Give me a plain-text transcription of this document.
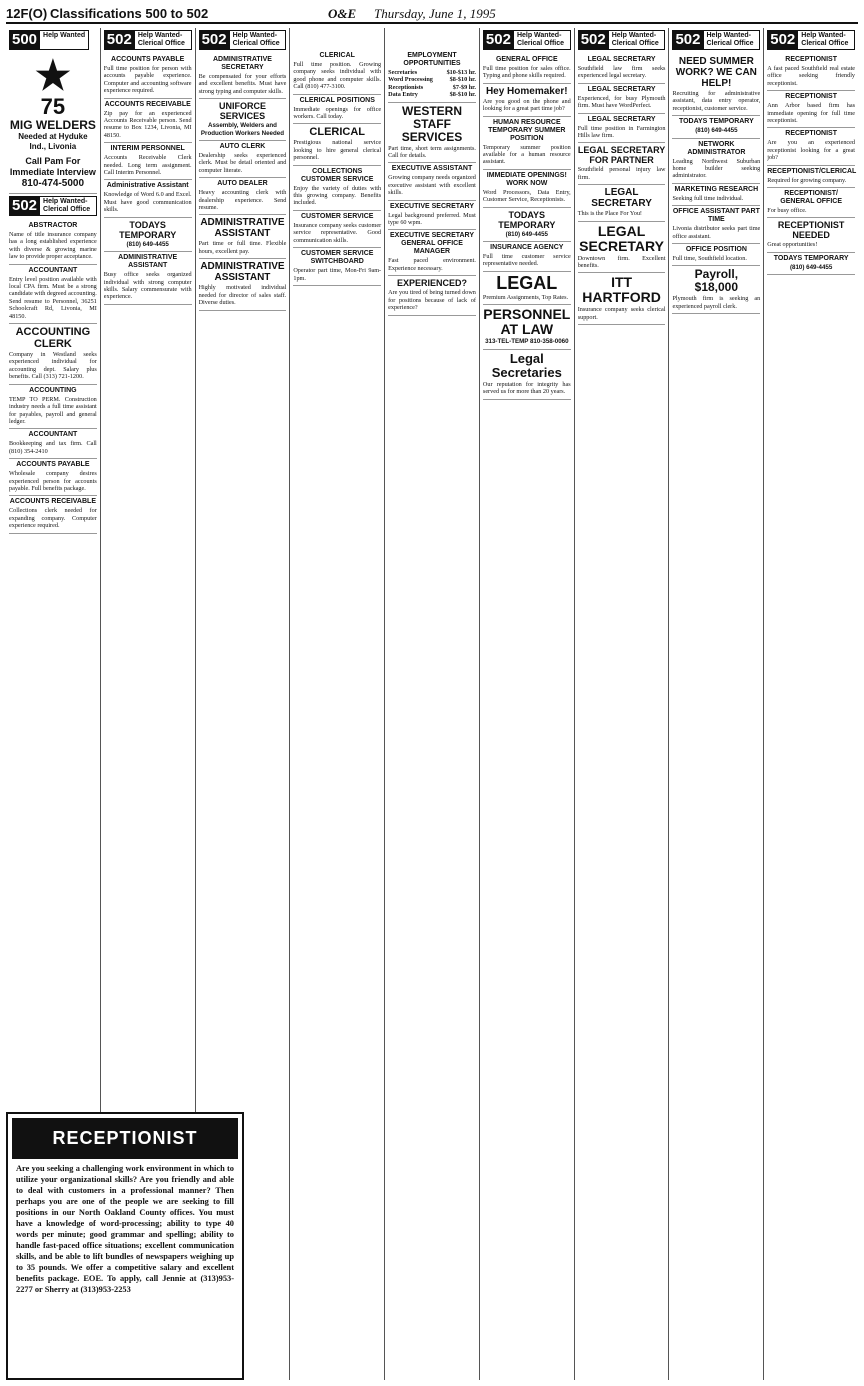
12F(O) Classifications 500 to 502	O&E Thursday, June 1, 1995
500 Help Wanted
★
75
MIG WELDERS
Needed at Hyduke Ind., Livonia
Call Pam For Immediate Interview
810-474-5000
502 Help Wanted-Clerical Office
ABSTRACTOR

Name of title insurance company has a long established experience with diverse & growing marine law to provide proper acceptance.

ACCOUNTANT

Entry level position available with local CPA firm. Must be a strong candidate with degreed accounting. Send resume to Personnel, 36251 Schoolcraft Rd, Livonia, MI 48150.

ACCOUNTING CLERK

Company in Westland seeks experienced individual for accounting dept. Salary plus benefits. Call (313) 721-1200.

ACCOUNTING

TEMP TO PERM. Construction industry needs a full time assistant for payables, payroll and general ledger.

ACCOUNTANT

Bookkeeping and tax firm. Call (810) 354-2410

ACCOUNTS PAYABLE

Wholesale company desires experienced person for accounts payable. Full benefits package.

ACCOUNTS RECEIVABLE

Collections clerk needed for expanding company. Computer experience required.

502 Help Wanted-Clerical Office
ACCOUNTS PAYABLE

Full time position for person with accounts payable experience. Computer and accounting software experience required.

ACCOUNTS RECEIVABLE

Zip pay for an experienced Accounts Receivable person. Send resume to Box 1234, Livonia, MI 48150.

INTERIM PERSONNEL

Accounts Receivable Clerk needed. Long term assignment. Call Interim Personnel.

Administrative Assistant

Knowledge of Word 6.0 and Excel. Must have good communication skills.

TODAYS TEMPORARY

(810) 649-4455

ADMINISTRATIVE ASSISTANT

Busy office seeks organized individual with strong computer skills. Salary commensurate with experience.

502 Help Wanted-Clerical Office
ADMINISTRATIVE SECRETARY

Be compensated for your efforts and excellent benefits. Must have strong typing and computer skills.

UNIFORCE SERVICES

Assembly, Welders and Production Workers Needed

AUTO CLERK

Dealership seeks experienced clerk. Must be detail oriented and computer literate.

AUTO DEALER

Heavy accounting clerk with dealership experience. Send resume.

ADMINISTRATIVE ASSISTANT

Part time or full time. Flexible hours, excellent pay.

ADMINISTRATIVE ASSISTANT

Highly motivated individual needed for director of sales staff. Diverse duties.

CLERICAL

Full time position. Growing company seeks individual with good phone and computer skills. Call (810) 477-3100.

CLERICAL POSITIONS

Immediate openings for office workers. Call today.

CLERICAL

Prestigious national service looking to hire general clerical personnel.

COLLECTIONS CUSTOMER SERVICE

Enjoy the variety of duties with this growing company. Benefits included.

CUSTOMER SERVICE

Insurance company seeks customer service representative. Good communication skills.

CUSTOMER SERVICE SWITCHBOARD

Operator part time, Mon-Fri 9am-1pm.

EMPLOYMENT OPPORTUNITIES
Secretaries	$10-$13 hr.
Word Processing	$8-$10 hr.
Receptionists	$7-$9 hr.
Data Entry	$8-$10 hr.
WESTERN STAFF SERVICES

Part time, short term assignments. Call for details.

EXECUTIVE ASSISTANT

Growing company needs organized executive assistant with excellent skills.

EXECUTIVE SECRETARY

Legal background preferred. Must type 60 wpm.

EXECUTIVE SECRETARY GENERAL OFFICE MANAGER

Fast paced environment. Experience necessary.

EXPERIENCED?

Are you tired of being turned down for positions because of lack of experience?

502 Help Wanted-Clerical Office
GENERAL OFFICE

Full time position for sales office. Typing and phone skills required.

Hey Homemaker!

Are you good on the phone and looking for a great part time job?

HUMAN RESOURCE TEMPORARY SUMMER POSITION

Temporary summer position available for a human resource assistant.

IMMEDIATE OPENINGS! WORK NOW

Word Processors, Data Entry, Customer Service, Receptionists.

TODAYS TEMPORARY

(810) 649-4455

INSURANCE AGENCY

Full time customer service representative needed.

LEGAL

Premium Assignments, Top Rates.

PERSONNEL AT LAW

313-TEL-TEMP 810-358-0060

Legal Secretaries

Our reputation for integrity has served us for more than 20 years.

502 Help Wanted-Clerical Office
LEGAL SECRETARY

Southfield law firm seeks experienced legal secretary.

LEGAL SECRETARY

Experienced, for busy Plymouth firm. Must have WordPerfect.

LEGAL SECRETARY

Full time position in Farmington Hills law firm.

LEGAL SECRETARY FOR PARTNER

Southfield personal injury law firm.

LEGAL SECRETARY

This is the Place For You!

LEGAL SECRETARY

Downtown firm. Excellent benefits.

ITT HARTFORD

Insurance company seeks clerical support.

502 Help Wanted-Clerical Office
NEED SUMMER WORK? WE CAN HELP!

Recruiting for administrative assistant, data entry operator, receptionist, customer service.

TODAYS TEMPORARY

(810) 649-4455

NETWORK ADMINISTRATOR

Leading Northwest Suburban home builder seeking administrator.

MARKETING RESEARCH

Seeking full time individual.

OFFICE ASSISTANT PART TIME

Livonia distributor seeks part time office assistant.

OFFICE POSITION

Full time, Southfield location.

Payroll, $18,000

Plymouth firm is seeking an experienced payroll clerk.

502 Help Wanted-Clerical Office
RECEPTIONIST

A fast paced Southfield real estate office seeking friendly receptionist.

RECEPTIONIST

Ann Arbor based firm has immediate opening for full time receptionist.

RECEPTIONIST

Are you an experienced receptionist looking for a great job?

RECEPTIONIST/CLERICAL

Required for growing company.

RECEPTIONIST/ GENERAL OFFICE

For busy office.

RECEPTIONIST NEEDED

Great opportunities!

TODAYS TEMPORARY

(810) 649-4455

RECEPTIONIST

Are you seeking a challenging work environment in which to utilize your organizational skills? Are you friendly and able to deal with customers in a professional manner? Then perhaps you are one of the people we are seeking to fill positions in our North Oakland County offices. You must have a knowledge of word-processing; ability to type 40 words per minute; good grammar and spelling; ability to handle fast-paced office situations; excellent communication skills, and be able to lift bundles of newspapers weighing up to 35 pounds. We offer a competitive salary and excellent benefits package. EOE. To apply, call Jennie at (313)953-2277 or Sherry at (313)953-2253
